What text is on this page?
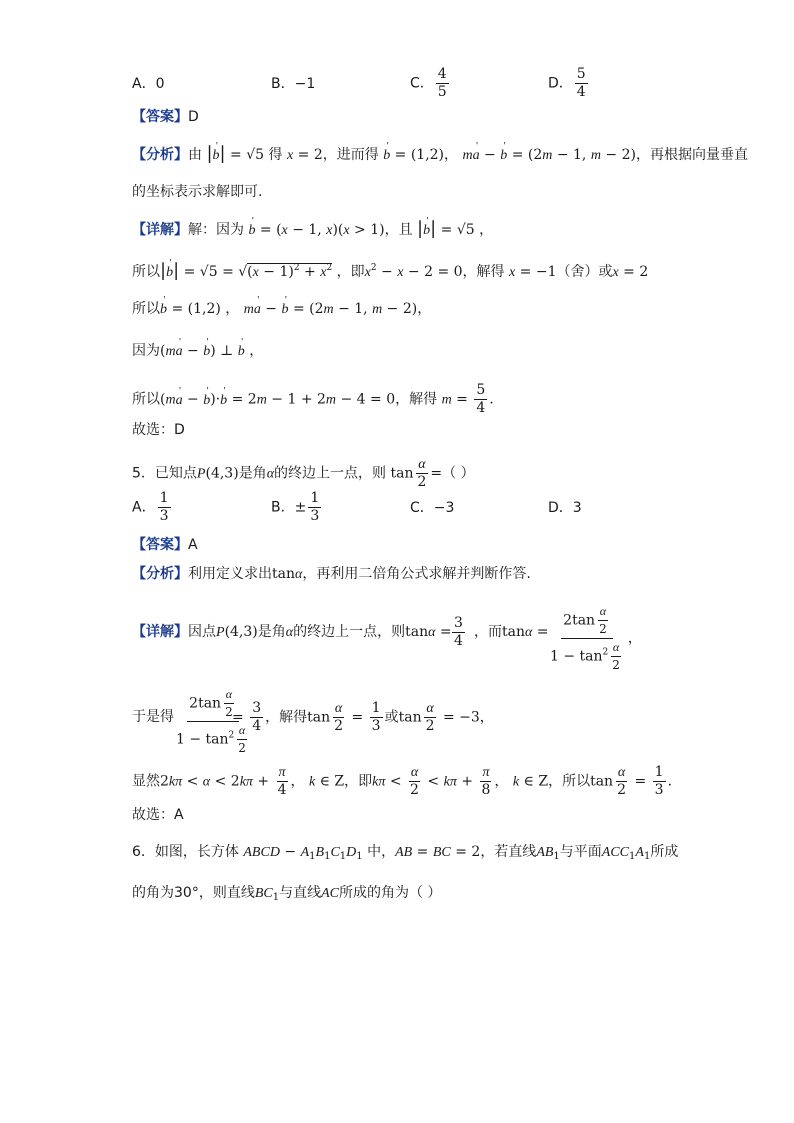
A．0	B．−1	C． $\frac{4}{5}$	D． $\frac{5}{4}$
【答案】D
【分析】由 |' b| = √5 得 x = 2，进而得 ' b = (1,2)， m' a − ' b = (2m − 1, m − 2)，再根据向量垂直
的坐标表示求解即可.
【详解】解：因为 ' b = (x − 1, x)(x > 1)，且 |' b| = √5 ，
所以|' $b| = √5 = √(x - 1)^2 + x^2$ ，即$x^2 - x - 2 = 0$，解得 x = −1（舍）或x = 2
所以' b = (1,2) ， m' a − ' b = (2m − 1, m − 2)，
因为(m' a − ' b) ⊥ ' b ，
所以(m' a − ' b)·' b = 2m − 1 + 2m − 4 = 0，解得 $m = \frac{5}{4}$ .
故选：D
5．已知点P(4,3)是角α的终边上一点，则 $\tan \frac{\alpha}{2}$ =（ ）
A． $\frac{1}{3}$	B．± $\frac{1}{3}$	C．−3	D．3
【答案】A
【分析】利用定义求出tanα，再利用二倍角公式求解并判断作答.
【详解】因点P(4,3)是角α的终边上一点，则$\tan\alpha = \frac{3}{4}$ ，而 $\tan\alpha = \frac{2\tan \frac{\alpha}{2}}{1 - \tan^2 \frac{\alpha}{2}}$ ，
于是得 $\frac{2\tan \frac{\alpha}{2}}{1 - \tan^2 \frac{\alpha}{2}}$
= $\frac{3}{4}$ ，解得$\tan \frac{\alpha}{2} = \frac{1}{3}$ 或$\tan \frac{\alpha}{2} = -3$，
显然$2k\pi < \alpha < 2k\pi + \frac{\pi}{4}$ ， k ∈ Z，即$k\pi < \frac{\alpha}{2} < k\pi + \frac{\pi}{8}$ ， k ∈ Z，所以$\tan \frac{\alpha}{2} = \frac{1}{3}$ .
故选：A
6．如图，长方体 ABCD − $A_1B_1C_1D_1$ 中，AB = BC = 2，若直线$AB_1$与平面$ACC_1A_1$所成
的角为30°，则直线$BC_1$与直线AC所成的角为（ ）
